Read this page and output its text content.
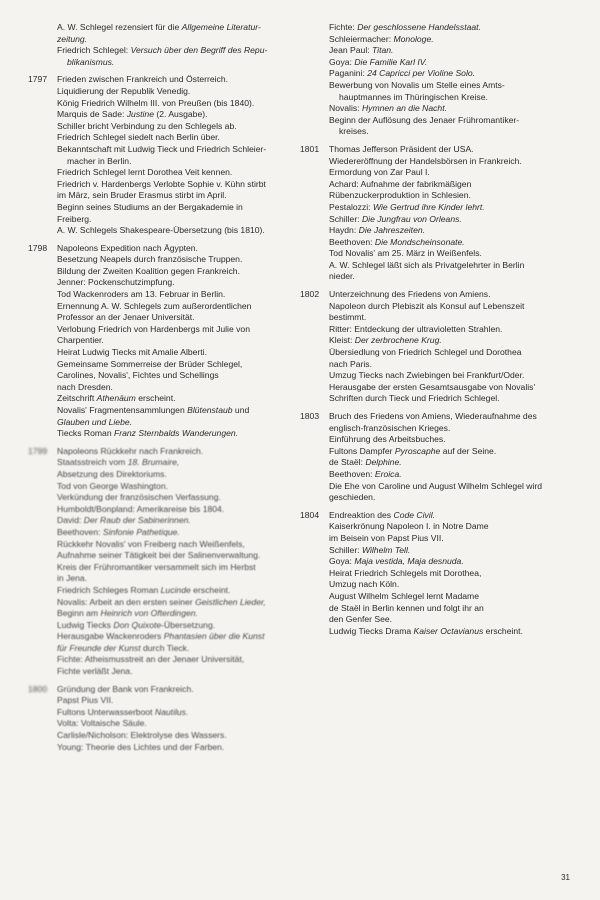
A. W. Schlegel rezensiert für die Allgemeine Literatur-
zeitung.
Friedrich Schlegel: Versuch über den Begriff des Repu-
blikanismus.
1797	Frieden zwischen Frankreich und Österreich.
Liquidierung der Republik Venedig.
König Friedrich Wilhelm III. von Preußen (bis 1840).
Marquis de Sade: Justine (2. Ausgabe).
Schiller bricht Verbindung zu den Schlegels ab.
Friedrich Schlegel siedelt nach Berlin über.
Bekanntschaft mit Ludwig Tieck und Friedrich Schleier-
macher in Berlin.
Friedrich Schlegel lernt Dorothea Veit kennen.
Friedrich v. Hardenbergs Verlobte Sophie v. Kühn stirbt
im März, sein Bruder Erasmus stirbt im April.
Beginn seines Studiums an der Bergakademie in
Freiberg.
A. W. Schlegels Shakespeare-Übersetzung (bis 1810).
1798	Napoleons Expedition nach Ägypten.
Besetzung Neapels durch französische Truppen.
Bildung der Zweiten Koalition gegen Frankreich.
Jenner: Pockenschutzimpfung.
Tod Wackenroders am 13. Februar in Berlin.
Ernennung A. W. Schlegels zum außerordentlichen
Professor an der Jenaer Universität.
Verlobung Friedrich von Hardenbergs mit Julie von
Charpentier.
Heirat Ludwig Tiecks mit Amalie Alberti.
Gemeinsame Sommerreise der Brüder Schlegel,
Carolines, Novalis', Fichtes und Schellings
nach Dresden.
Zeitschrift Athenäum erscheint.
Novalis' Fragmentensammlungen Blütenstaub und
Glauben und Liebe.
Tiecks Roman Franz Sternbalds Wanderungen.
1799	Napoleons Rückkehr nach Frankreich.
Staatsstreich vom 18. Brumaire,
Absetzung des Direktoriums.
Tod von George Washington.
Verkündung der französischen Verfassung.
Humboldt/Bonpland: Amerikareise bis 1804.
David: Der Raub der Sabinerinnen.
Beethoven: Sinfonie Pathetique.
Rückkehr Novalis' von Freiberg nach Weißenfels,
Aufnahme seiner Tätigkeit bei der Salinenverwaltung.
Kreis der Frühromantiker versammelt sich im Herbst
in Jena.
Friedrich Schleges Roman Lucinde erscheint.
Novalis: Arbeit an den ersten seiner Geistlichen Lieder,
Beginn am Heinrich von Ofterdingen.
Ludwig Tiecks Don Quixote-Übersetzung.
Herausgabe Wackenroders Phantasien über die Kunst
für Freunde der Kunst durch Tieck.
Fichte: Atheismusstreit an der Jenaer Universität,
Fichte verläßt Jena.
1800	Gründung der Bank von Frankreich.
Papst Pius VII.
Fultons Unterwasserboot Nautilus.
Volta: Voltaische Säule.
Carlisle/Nicholson: Elektrolyse des Wassers.
Young: Theorie des Lichtes und der Farben.
Fichte: Der geschlossene Handelsstaat.
Schleiermacher: Monologe.
Jean Paul: Titan.
Goya: Die Familie Karl IV.
Paganini: 24 Capricci per Violine Solo.
Bewerbung von Novalis um Stelle eines Amts-
hauptmannes im Thüringischen Kreise.
Novalis: Hymnen an die Nacht.
Beginn der Auflösung des Jenaer Frühromantiker-
kreises.
1801	Thomas Jefferson Präsident der USA.
Wiedereröffnung der Handelsbörsen in Frankreich.
Ermordung von Zar Paul I.
Achard: Aufnahme der fabrikmäßigen
Rübenzuckerproduktion in Schlesien.
Pestalozzi: Wie Gertrud ihre Kinder lehrt.
Schiller: Die Jungfrau von Orleans.
Haydn: Die Jahreszeiten.
Beethoven: Die Mondscheinsonate.
Tod Novalis' am 25. März in Weißenfels.
A. W. Schlegel läßt sich als Privatgelehrter in Berlin
nieder.
1802	Unterzeichnung des Friedens von Amiens.
Napoleon durch Plebiszit als Konsul auf Lebenszeit
bestimmt.
Ritter: Entdeckung der ultravioletten Strahlen.
Kleist: Der zerbrochene Krug.
Übersiedlung von Friedrich Schlegel und Dorothea
nach Paris.
Umzug Tiecks nach Zwiebingen bei Frankfurt/Oder.
Herausgabe der ersten Gesamtsausgabe von Novalis'
Schriften durch Tieck und Friedrich Schlegel.
1803	Bruch des Friedens von Amiens, Wiederaufnahme des
englisch-französischen Krieges.
Einführung des Arbeitsbuches.
Fultons Dampfer Pyroscaphe auf der Seine.
de Staël: Delphine.
Beethoven: Eroica.
Die Ehe von Caroline und August Wilhelm Schlegel wird
geschieden.
1804	Endreaktion des Code Civil.
Kaiserkrönung Napoleon I. in Notre Dame
im Beisein von Papst Pius VII.
Schiller: Wilhelm Tell.
Goya: Maja vestida, Maja desnuda.
Heirat Friedrich Schlegels mit Dorothea,
Umzug nach Köln.
August Wilhelm Schlegel lernt Madame
de Staël in Berlin kennen und folgt ihr an
den Genfer See.
Ludwig Tiecks Drama Kaiser Octavianus erscheint.
31
